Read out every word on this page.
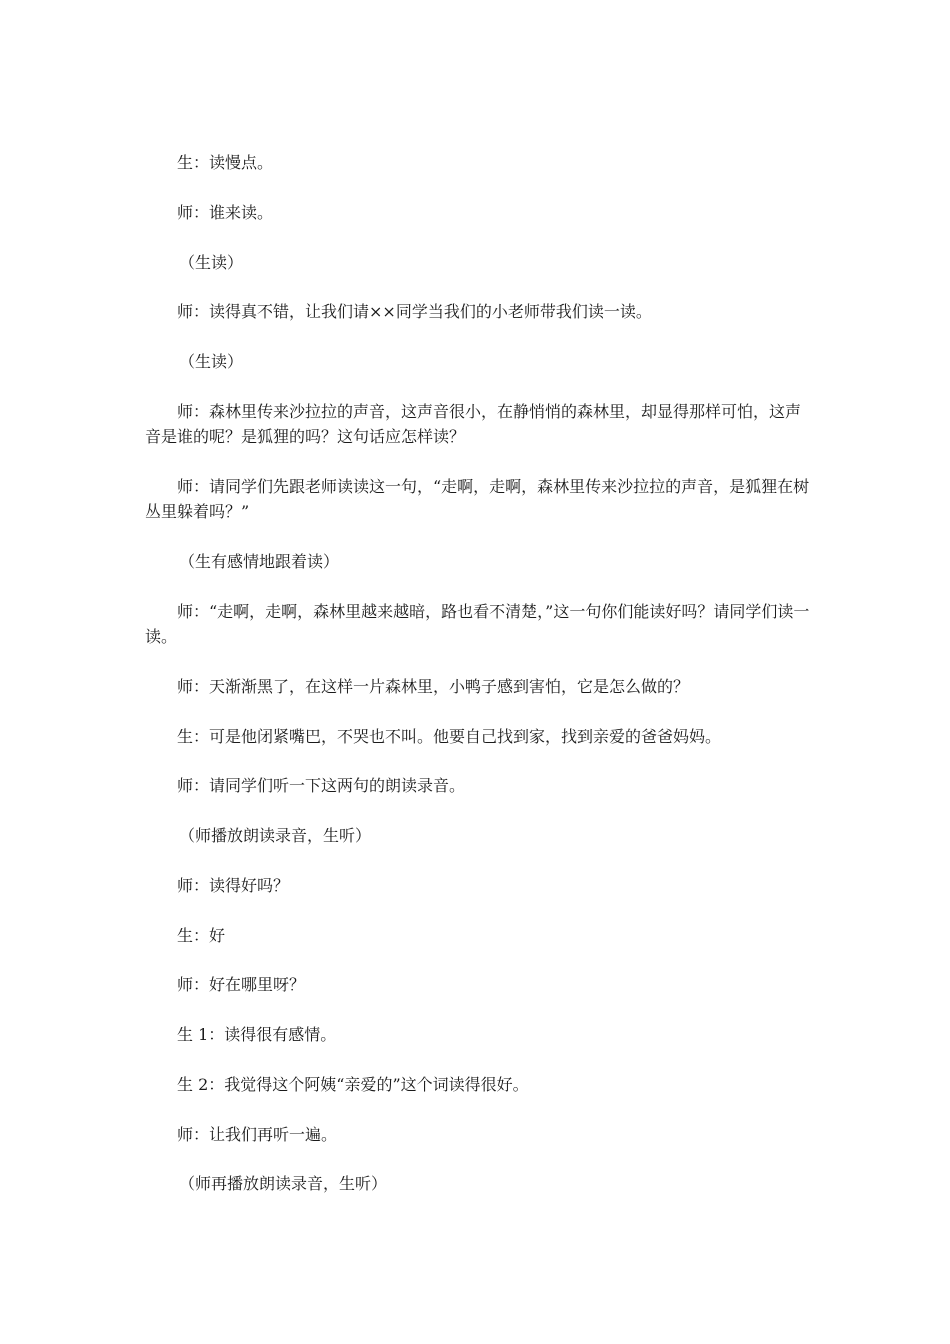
生：读慢点。

师：谁来读。

（生读）

师：读得真不错，让我们请××同学当我们的小老师带我们读一读。

（生读）

师：森林里传来沙拉拉的声音，这声音很小，在静悄悄的森林里，却显得那样可怕，这声音是谁的呢？是狐狸的吗？这句话应怎样读？

师：请同学们先跟老师读读这一句，“走啊，走啊，森林里传来沙拉拉的声音，是狐狸在树丛里躲着吗？”

（生有感情地跟着读）

师：“走啊，走啊，森林里越来越暗，路也看不清楚，”这一句你们能读好吗？请同学们读一读。

师：天渐渐黑了，在这样一片森林里，小鸭子感到害怕，它是怎么做的？

生：可是他闭紧嘴巴，不哭也不叫。他要自己找到家，找到亲爱的爸爸妈妈。

师：请同学们听一下这两句的朗读录音。

（师播放朗读录音，生听）

师：读得好吗？

生：好

师：好在哪里呀？

生 1：读得很有感情。

生 2：我觉得这个阿姨“亲爱的”这个词读得很好。

师：让我们再听一遍。

（师再播放朗读录音，生听）
